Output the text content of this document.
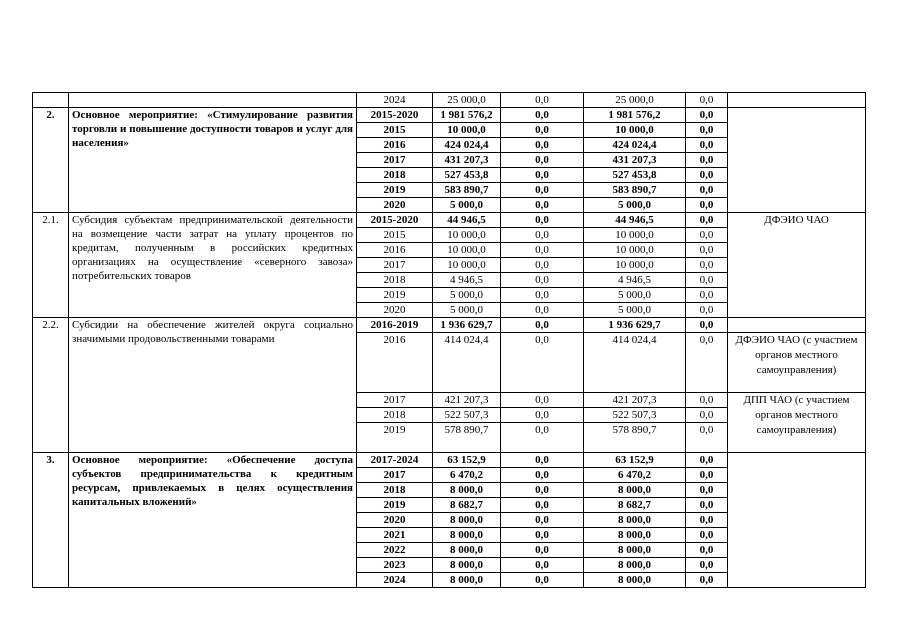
		2024	25 000,0	0,0	25 000,0	0,0	
2.	Основное мероприятие: «Стимулирование развития торговли и повышение доступности товаров и услуг для населения»	2015-2020	1 981 576,2	0,0	1 981 576,2	0,0	
		2015	10 000,0	0,0	10 000,0	0,0	
		2016	424 024,4	0,0	424 024,4	0,0	
		2017	431 207,3	0,0	431 207,3	0,0	
		2018	527 453,8	0,0	527 453,8	0,0	
		2019	583 890,7	0,0	583 890,7	0,0	
		2020	5 000,0	0,0	5 000,0	0,0	
2.1.	Субсидия субъектам предпринимательской деятельности на возмещение части затрат на уплату процентов по кредитам, полученным в российских кредитных организациях на осуществление «северного завоза» потребительских товаров	2015-2020	44 946,5	0,0	44 946,5	0,0	ДФЭИО ЧАО
		2015	10 000,0	0,0	10 000,0	0,0	
		2016	10 000,0	0,0	10 000,0	0,0	
		2017	10 000,0	0,0	10 000,0	0,0	
		2018	4 946,5	0,0	4 946,5	0,0	
		2019	5 000,0	0,0	5 000,0	0,0	
		2020	5 000,0	0,0	5 000,0	0,0	
2.2.	Субсидии на обеспечение жителей округа социально значимыми продовольственными товарами	2016-2019	1 936 629,7	0,0	1 936 629,7	0,0	
		2016	414 024,4	0,0	414 024,4	0,0	ДФЭИО ЧАО (с участием органов местного самоуправления)
		2017	421 207,3	0,0	421 207,3	0,0	ДПП ЧАО (с участием органов местного самоуправления)
		2018	522 507,3	0,0	522 507,3	0,0	
		2019	578 890,7	0,0	578 890,7	0,0	
3.	Основное мероприятие: «Обеспечение доступа субъектов предпринимательства к кредитным ресурсам, привлекаемых в целях осуществления капитальных вложений»	2017-2024	63 152,9	0,0	63 152,9	0,0	
		2017	6 470,2	0,0	6 470,2	0,0	
		2018	8 000,0	0,0	8 000,0	0,0	
		2019	8 682,7	0,0	8 682,7	0,0	
		2020	8 000,0	0,0	8 000,0	0,0	
		2021	8 000,0	0,0	8 000,0	0,0	
		2022	8 000,0	0,0	8 000,0	0,0	
		2023	8 000,0	0,0	8 000,0	0,0	
		2024	8 000,0	0,0	8 000,0	0,0	
